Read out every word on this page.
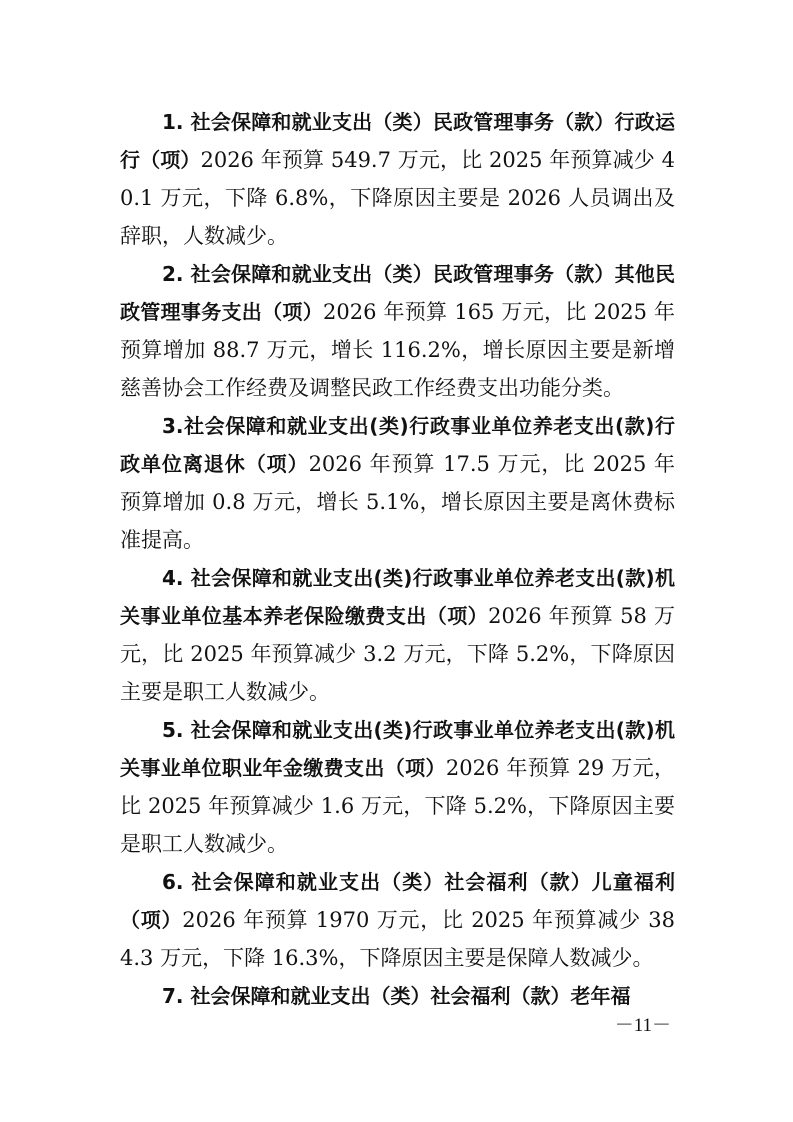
1. 社会保障和就业支出（类）民政管理事务（款）行政运行（项）2026 年预算 549.7 万元，比 2025 年预算减少 40.1 万元，下降 6.8%，下降原因主要是 2026 人员调出及辞职，人数减少。

2. 社会保障和就业支出（类）民政管理事务（款）其他民政管理事务支出（项）2026 年预算 165 万元，比 2025 年预算增加 88.7 万元，增长 116.2%，增长原因主要是新增慈善协会工作经费及调整民政工作经费支出功能分类。

3.社会保障和就业支出(类)行政事业单位养老支出(款)行政单位离退休（项）2026 年预算 17.5 万元，比 2025 年预算增加 0.8 万元，增长 5.1%，增长原因主要是离休费标准提高。

4. 社会保障和就业支出(类)行政事业单位养老支出(款)机关事业单位基本养老保险缴费支出（项）2026 年预算 58 万元，比 2025 年预算减少 3.2 万元，下降 5.2%，下降原因主要是职工人数减少。

5. 社会保障和就业支出(类)行政事业单位养老支出(款)机关事业单位职业年金缴费支出（项）2026 年预算 29 万元，比 2025 年预算减少 1.6 万元，下降 5.2%，下降原因主要是职工人数减少。

6. 社会保障和就业支出（类）社会福利（款）儿童福利（项）2026 年预算 1970 万元，比 2025 年预算减少 384.3 万元，下降 16.3%，下降原因主要是保障人数减少。

7. 社会保障和就业支出（类）社会福利（款）老年福

－11－
